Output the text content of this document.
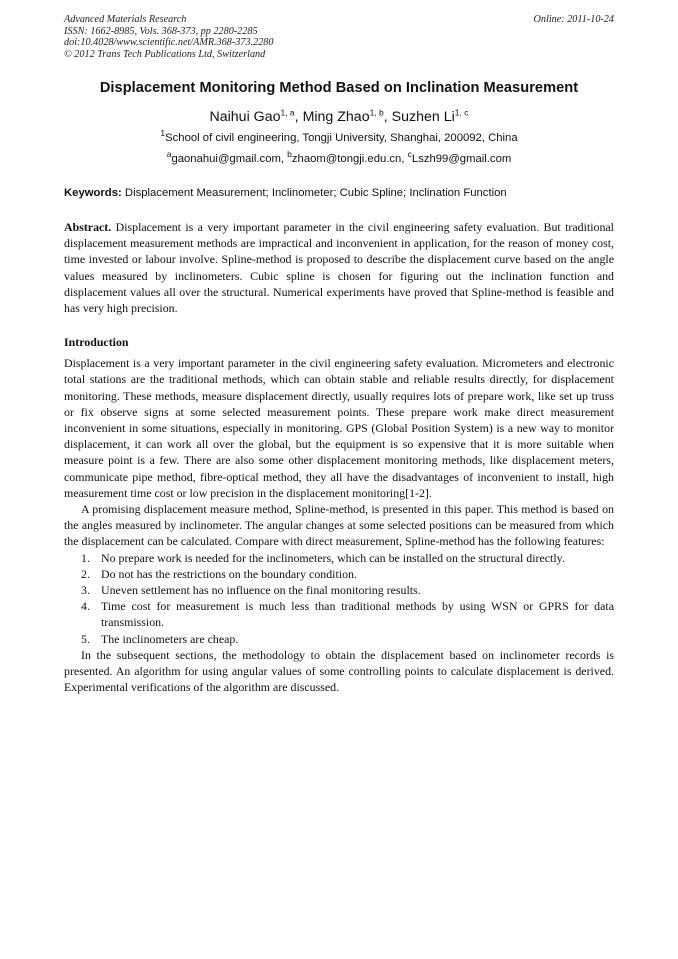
Advanced Materials Research
ISSN: 1662-8985, Vols. 368-373, pp 2280-2285
doi:10.4028/www.scientific.net/AMR.368-373.2280
© 2012 Trans Tech Publications Ltd, Switzerland
Online: 2011-10-24
Displacement Monitoring Method Based on Inclination Measurement
Naihui Gao$^{1, a}$, Ming Zhao$^{1, b}$, Suzhen Li$^{1, c}$
$^1$School of civil engineering, Tongji University, Shanghai, 200092, China
$^a$gaonahui@gmail.com, $^b$zhaom@tongji.edu.cn, $^c$Lszh99@gmail.com
Keywords: Displacement Measurement; Inclinometer; Cubic Spline; Inclination Function
Abstract. Displacement is a very important parameter in the civil engineering safety evaluation. But traditional displacement measurement methods are impractical and inconvenient in application, for the reason of money cost, time invested or labour involve. Spline-method is proposed to describe the displacement curve based on the angle values measured by inclinometers. Cubic spline is chosen for figuring out the inclination function and displacement values all over the structural. Numerical experiments have proved that Spline-method is feasible and has very high precision.
Introduction
Displacement is a very important parameter in the civil engineering safety evaluation. Micrometers and electronic total stations are the traditional methods, which can obtain stable and reliable results directly, for displacement monitoring. These methods, measure displacement directly, usually requires lots of prepare work, like set up truss or fix observe signs at some selected measurement points. These prepare work make direct measurement inconvenient in some situations, especially in monitoring. GPS (Global Position System) is a new way to monitor displacement, it can work all over the global, but the equipment is so expensive that it is more suitable when measure point is a few. There are also some other displacement monitoring methods, like displacement meters, communicate pipe method, fibre-optical method, they all have the disadvantages of inconvenient to install, high measurement time cost or low precision in the displacement monitoring[1-2].
A promising displacement measure method, Spline-method, is presented in this paper. This method is based on the angles measured by inclinometer. The angular changes at some selected positions can be measured from which the displacement can be calculated. Compare with direct measurement, Spline-method has the following features:
1. No prepare work is needed for the inclinometers, which can be installed on the structural directly.
2. Do not has the restrictions on the boundary condition.
3. Uneven settlement has no influence on the final monitoring results.
4. Time cost for measurement is much less than traditional methods by using WSN or GPRS for data transmission.
5. The inclinometers are cheap.
In the subsequent sections, the methodology to obtain the displacement based on inclinometer records is presented. An algorithm for using angular values of some controlling points to calculate displacement is derived. Experimental verifications of the algorithm are discussed.
